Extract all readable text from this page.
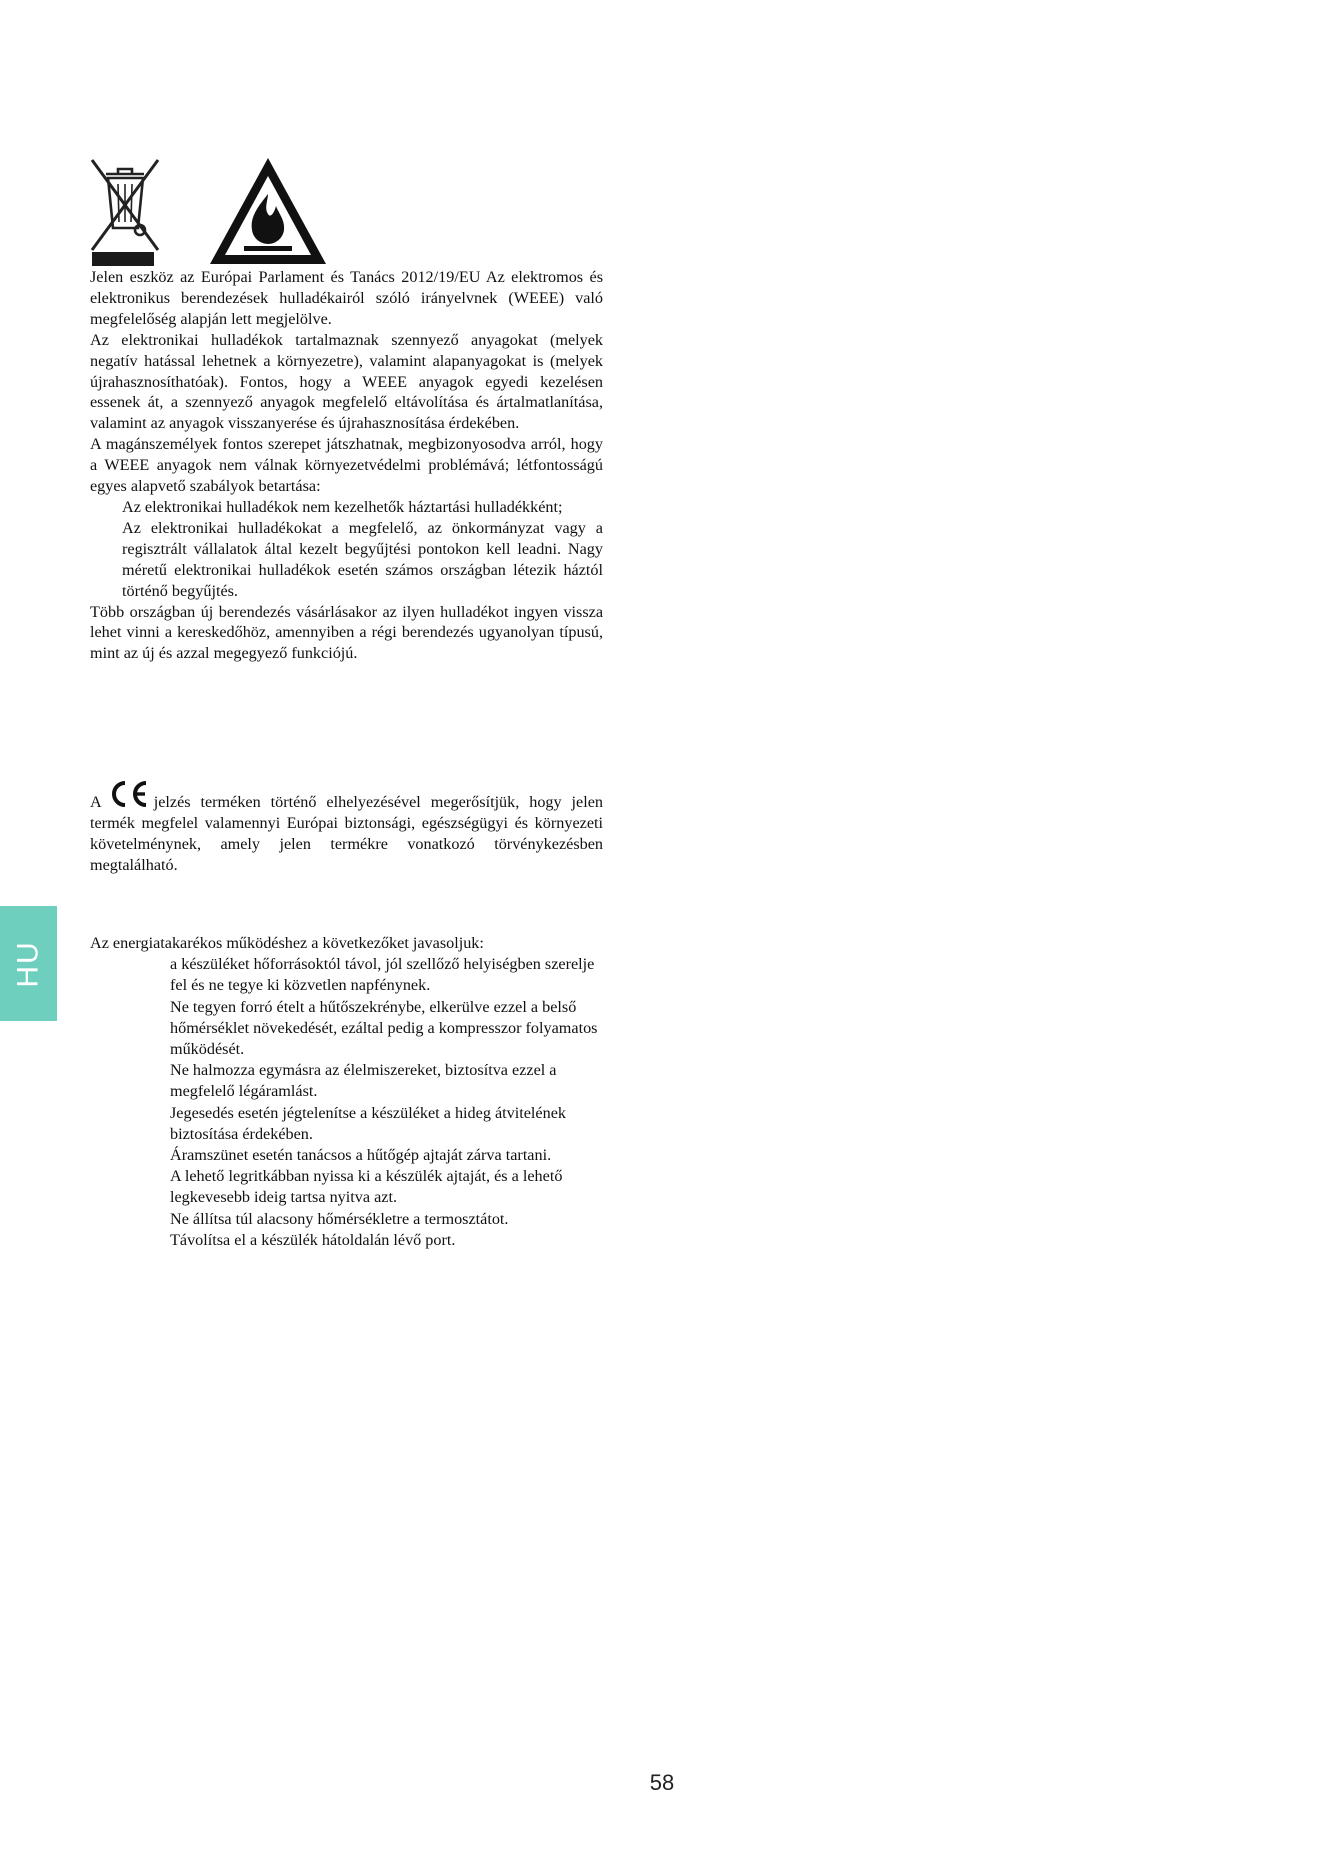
Jelen eszköz az Európai Parlament és Tanács 2012/19/EU Az elektromos és elektronikus berendezések hulladékairól szóló irányelvnek (WEEE) való megfelelőség alapján lett megjelölve.

Az elektronikai hulladékok tartalmaznak szennyező anyagokat (melyek negatív hatással lehetnek a környezetre), valamint alapanyagokat is (melyek újrahasznosíthatóak). Fontos, hogy a WEEE anyagok egyedi kezelésen essenek át, a szennyező anyagok megfelelő eltávolítása és ártalmatlanítása, valamint az anyagok visszanyerése és újrahasznosítása érdekében.

A magánszemélyek fontos szerepet játszhatnak, megbizonyosodva arról, hogy a WEEE anyagok nem válnak környezetvédelmi problémává; létfontosságú egyes alapvető szabályok betartása:

Az elektronikai hulladékok nem kezelhetők háztartási hulladékként;

Az elektronikai hulladékokat a megfelelő, az önkormányzat vagy a regisztrált vállalatok által kezelt begyűjtési pontokon kell leadni. Nagy méretű elektronikai hulladékok esetén számos országban létezik háztól történő begyűjtés.

Több országban új berendezés vásárlásakor az ilyen hulladékot ingyen vissza lehet vinni a kereskedőhöz, amennyiben a régi berendezés ugyanolyan típusú, mint az új és azzal megegyező funkciójú.

A	jelzés terméken történő elhelyezésével megerősítjük, hogy jelen termék megfelel valamennyi Európai biztonsági, egészségügyi és környezeti követelménynek, amely jelen termékre vonatkozó törvénykezésben megtalálható.

Az energiatakarékos működéshez a következőket javasoljuk:

a készüléket hőforrásoktól távol, jól szellőző helyiségben szerelje fel és ne tegye ki közvetlen napfénynek.
Ne tegyen forró ételt a hűtőszekrénybe, elkerülve ezzel a belső hőmérséklet növekedését, ezáltal pedig a kompresszor folyamatos működését.
Ne halmozza egymásra az élelmiszereket, biztosítva ezzel a megfelelő légáramlást.
Jegesedés esetén jégtelenítse a készüléket a hideg átvitelének biztosítása érdekében.
Áramszünet esetén tanácsos a hűtőgép ajtaját zárva tartani.
A lehető legritkábban nyissa ki a készülék ajtaját, és a lehető legkevesebb ideig tartsa nyitva azt.
Ne állítsa túl alacsony hőmérsékletre a termosztátot.
Távolítsa el a készülék hátoldalán lévő port.
HU
58
